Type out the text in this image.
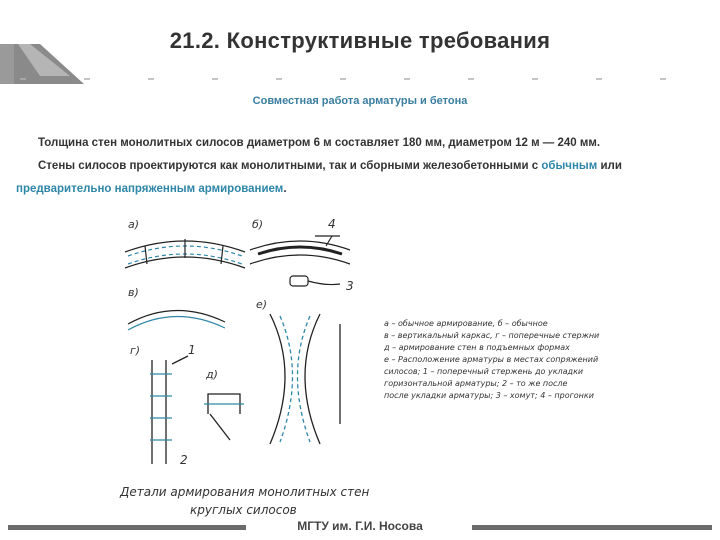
21.2. Конструктивные требования
Совместная работа арматуры и бетона

Толщина стен монолитных силосов диаметром 6 м составляет 180 мм, диаметром 12 м — 240 мм.

Стены силосов проектируются как монолитными, так и сборными железобетонными с обычным или предварительно напряженным армированием.

а)	б)	4
в)	3
г)	1
2
д)
е)
а – обычное армирование, б – обычное
в – вертикальный каркас, г – поперечные стержни
д – армирование стен в подъемных формах
е – Расположение арматуры в местах сопряжений
силосов; 1 – поперечный стержень до укладки
горизонтальной арматуры; 2 – то же после
после укладки арматуры; 3 – хомут; 4 – прогонки
Детали армирования монолитных стен
круглых силосов
МГТУ им. Г.И. Носова
